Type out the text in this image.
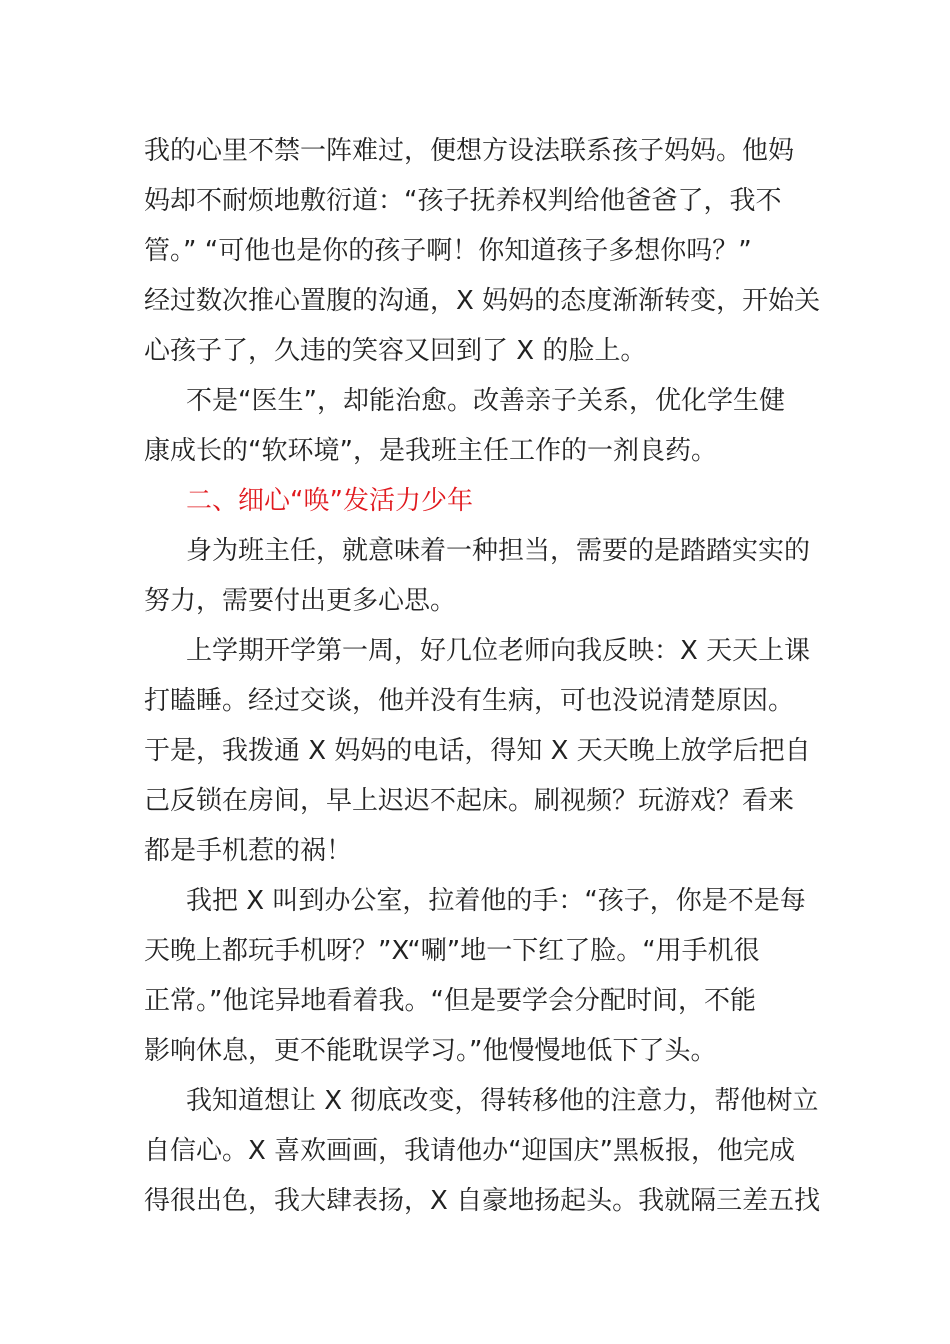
我的心里不禁一阵难过，便想方设法联系孩子妈妈。他妈
妈却不耐烦地敷衍道：“孩子抚养权判给他爸爸了，我不
管。” “可他也是你的孩子啊！你知道孩子多想你吗？”
经过数次推心置腹的沟通，X 妈妈的态度渐渐转变，开始关
心孩子了，久违的笑容又回到了 X 的脸上。
不是“医生”，却能治愈。改善亲子关系，优化学生健
康成长的“软环境”，是我班主任工作的一剂良药。
二、细心“唤”发活力少年
身为班主任，就意味着一种担当，需要的是踏踏实实的
努力，需要付出更多心思。
上学期开学第一周，好几位老师向我反映：X 天天上课
打瞌睡。经过交谈，他并没有生病，可也没说清楚原因。
于是，我拨通 X 妈妈的电话，得知 X 天天晚上放学后把自
己反锁在房间，早上迟迟不起床。刷视频？玩游戏？看来
都是手机惹的祸！
我把 X 叫到办公室，拉着他的手：“孩子，你是不是每
天晚上都玩手机呀？”X“唰”地一下红了脸。“用手机很
正常。”他诧异地看着我。“但是要学会分配时间，不能
影响休息，更不能耽误学习。”他慢慢地低下了头。
我知道想让 X 彻底改变，得转移他的注意力，帮他树立
自信心。X 喜欢画画，我请他办“迎国庆”黑板报，他完成
得很出色，我大肆表扬，X 自豪地扬起头。我就隔三差五找
